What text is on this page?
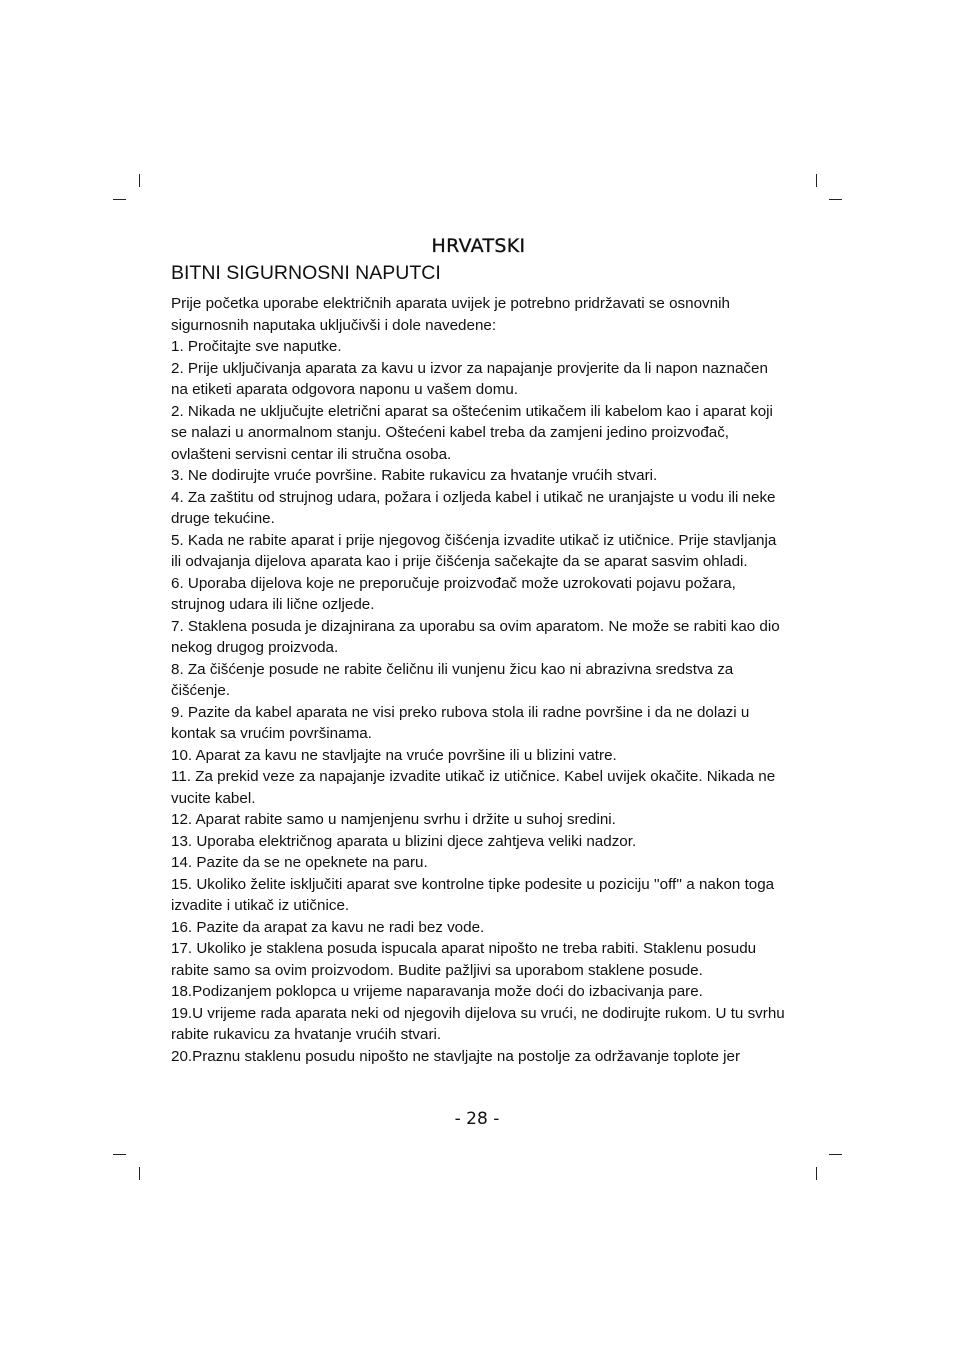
HRVATSKI
BITNI SIGURNOSNI NAPUTCI

Prije početka uporabe električnih aparata uvijek je potrebno pridržavati se osnovnih sigurnosnih naputaka uključivši i dole navedene:

1. Pročitajte sve naputke.

2. Prije uključivanja aparata za kavu u izvor za napajanje provjerite da li napon naznačen na etiketi aparata odgovora naponu u vašem domu.

2. Nikada ne uključujte eletrični aparat sa oštećenim utikačem ili kabelom kao i aparat koji se nalazi u anormalnom stanju. Oštećeni kabel treba da zamjeni jedino proizvođač, ovlašteni servisni centar ili stručna osoba.

3. Ne dodirujte vruće površine. Rabite rukavicu za hvatanje vrućih stvari.

4. Za zaštitu od strujnog udara, požara i ozljeda kabel i utikač ne uranjajste u vodu ili neke druge tekućine.

5. Kada ne rabite aparat i prije njegovog čišćenja izvadite utikač iz utičnice. Prije stavljanja ili odvajanja dijelova aparata kao i prije čišćenja sačekajte da se aparat sasvim ohladi.

6. Uporaba dijelova koje ne preporučuje proizvođač može uzrokovati pojavu požara, strujnog udara ili lične ozljede.

7. Staklena posuda je dizajnirana za uporabu sa ovim aparatom. Ne može se rabiti kao dio nekog drugog proizvoda.

8. Za čišćenje posude ne rabite čeličnu ili vunjenu žicu kao ni abrazivna sredstva za čišćenje.

9. Pazite da kabel aparata ne visi preko rubova stola ili radne površine i da ne dolazi u kontak sa vrućim površinama.

10. Aparat za kavu ne stavljajte na vruće površine ili u blizini vatre.

11. Za prekid veze za napajanje izvadite utikač iz utičnice. Kabel uvijek okačite. Nikada ne vucite kabel.

12. Aparat rabite samo u namjenjenu svrhu i držite u suhoj sredini.

13. Uporaba električnog aparata u blizini djece zahtjeva veliki nadzor.

14. Pazite da se ne opeknete na paru.

15. Ukoliko želite isključiti aparat sve kontrolne tipke podesite u poziciju ''off'' a nakon toga izvadite i utikač iz utičnice.

16. Pazite da arapat za kavu ne radi bez vode.

17. Ukoliko je staklena posuda ispucala aparat nipošto ne treba rabiti. Staklenu posudu rabite samo sa ovim proizvodom. Budite pažljivi sa uporabom staklene posude.

18.Podizanjem poklopca u vrijeme naparavanja može doći do izbacivanja pare.

19.U vrijeme rada aparata neki od njegovih dijelova su vrući, ne dodirujte rukom. U tu svrhu rabite rukavicu za hvatanje vrućih stvari.

20.Praznu staklenu posudu nipošto ne stavljajte na postolje za održavanje toplote jer

- 28 -
